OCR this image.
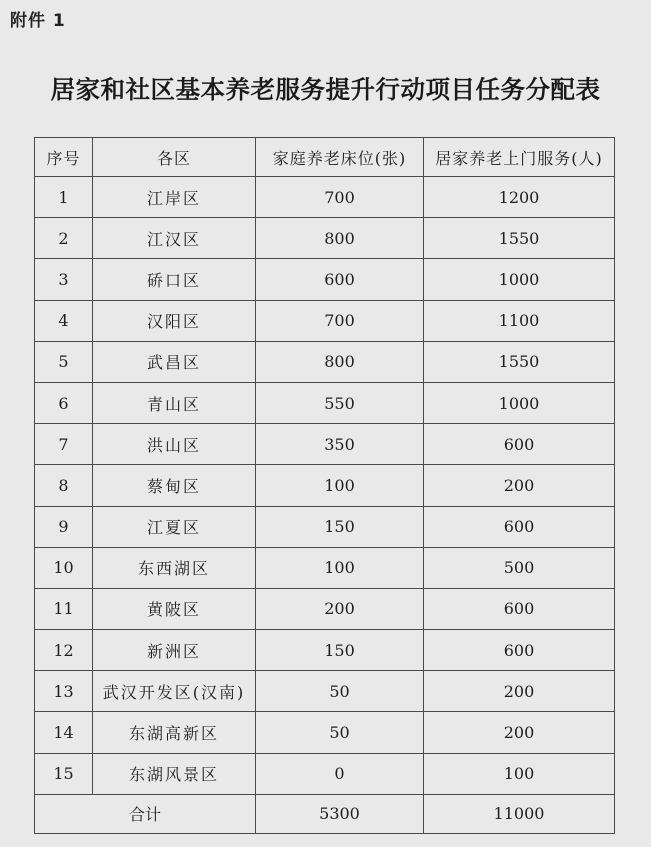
附件 1
居家和社区基本养老服务提升行动项目任务分配表
序号	各区	家庭养老床位(张)	居家养老上门服务(人)
1	江岸区	700	1200
2	江汉区	800	1550
3	硚口区	600	1000
4	汉阳区	700	1100
5	武昌区	800	1550
6	青山区	550	1000
7	洪山区	350	600
8	蔡甸区	100	200
9	江夏区	150	600
10	东西湖区	100	500
11	黄陂区	200	600
12	新洲区	150	600
13	武汉开发区(汉南)	50	200
14	东湖高新区	50	200
15	东湖风景区	0	100
合计		5300	11000
